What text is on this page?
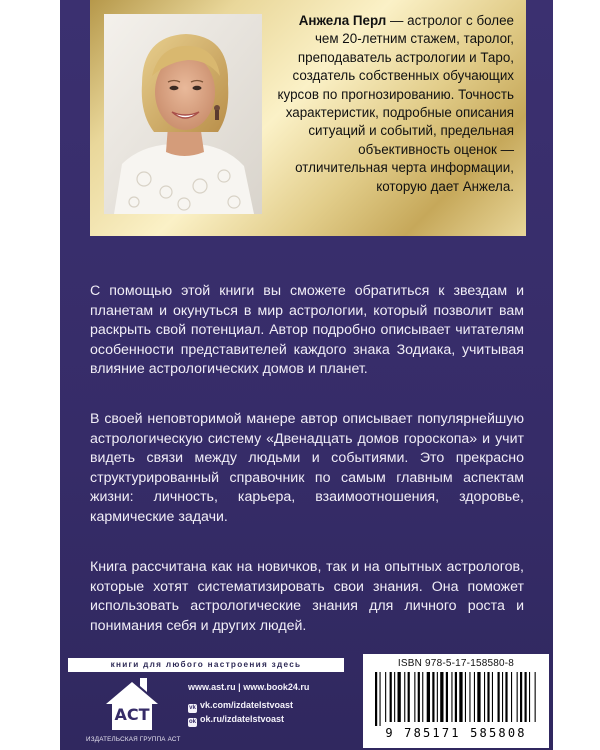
Анжела Перл — астролог с более чем 20-летним стажем, таролог, преподаватель астрологии и Таро, создатель собственных обучающих курсов по прогнозированию. Точность характеристик, подробные описания ситуаций и событий, предельная объективность оценок — отличительная черта информации, которую дает Анжела.

С помощью этой книги вы сможете обратиться к звездам и планетам и окунуться в мир астрологии, который позволит вам раскрыть свой потенциал. Автор подробно описывает читателям особенности представителей каждого знака Зодиака, учитывая влияние астрологических домов и планет.

В своей неповторимой манере автор описывает популярнейшую астрологическую систему «Двенадцать домов гороскопа» и учит видеть связи между людьми и событиями. Это прекрасно структурированный справочник по самым главным аспектам жизни: личность, карьера, взаимоотношения, здоровье, кармические задачи.

Книга рассчитана как на новичков, так и на опытных астрологов, которые хотят систематизировать свои знания. Она поможет использовать астрологические знания для личного роста и понимания себя и других людей.

книги для любого настроения здесь
АСТ
ИЗДАТЕЛЬСКАЯ ГРУППА АСТ
www.ast.ru | www.book24.ru
vk vk.com/izdatelstvoast
ok ok.ru/izdatelstvoast
ISBN 978-5-17-158580-8
9 785171 585808
